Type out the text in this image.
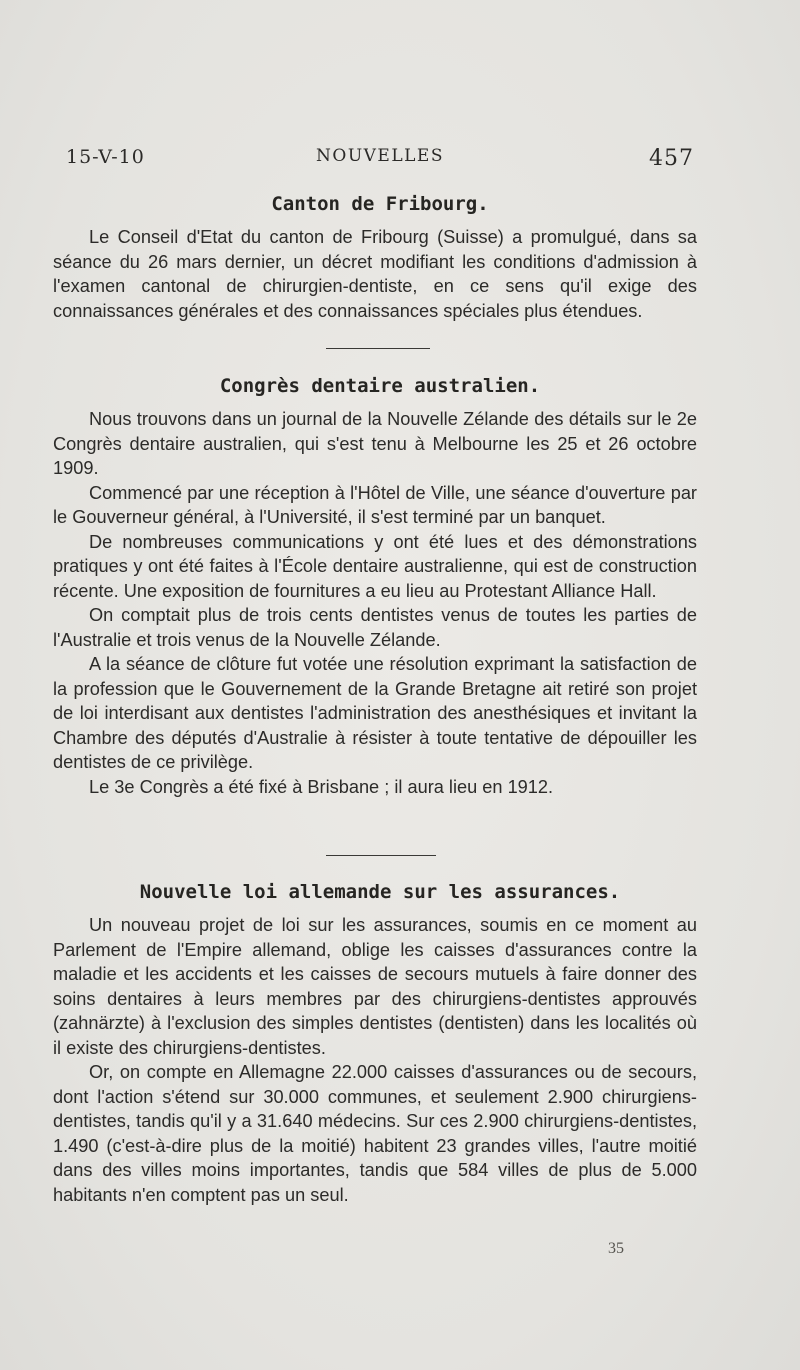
15-V-10	NOUVELLES	457
Canton de Fribourg.

Le Conseil d'Etat du canton de Fribourg (Suisse) a promulgué, dans sa séance du 26 mars dernier, un décret modifiant les conditions d'admission à l'examen cantonal de chirurgien-dentiste, en ce sens qu'il exige des connaissances générales et des connaissances spéciales plus étendues.

Congrès dentaire australien.

Nous trouvons dans un journal de la Nouvelle Zélande des détails sur le 2e Congrès dentaire australien, qui s'est tenu à Melbourne les 25 et 26 octobre 1909.

Commencé par une réception à l'Hôtel de Ville, une séance d'ouverture par le Gouverneur général, à l'Université, il s'est terminé par un banquet.

De nombreuses communications y ont été lues et des démonstrations pratiques y ont été faites à l'École dentaire australienne, qui est de construction récente. Une exposition de fournitures a eu lieu au Protestant Alliance Hall.

On comptait plus de trois cents dentistes venus de toutes les parties de l'Australie et trois venus de la Nouvelle Zélande.

A la séance de clôture fut votée une résolution exprimant la satisfaction de la profession que le Gouvernement de la Grande Bretagne ait retiré son projet de loi interdisant aux dentistes l'administration des anesthésiques et invitant la Chambre des députés d'Australie à résister à toute tentative de dépouiller les dentistes de ce privilège.

Le 3e Congrès a été fixé à Brisbane ; il aura lieu en 1912.

Nouvelle loi allemande sur les assurances.

Un nouveau projet de loi sur les assurances, soumis en ce moment au Parlement de l'Empire allemand, oblige les caisses d'assurances contre la maladie et les accidents et les caisses de secours mutuels à faire donner des soins dentaires à leurs membres par des chirurgiens-dentistes approuvés (zahnärzte) à l'exclusion des simples dentistes (dentisten) dans les localités où il existe des chirurgiens-dentistes.

Or, on compte en Allemagne 22.000 caisses d'assurances ou de secours, dont l'action s'étend sur 30.000 communes, et seulement 2.900 chirurgiens-dentistes, tandis qu'il y a 31.640 médecins. Sur ces 2.900 chirurgiens-dentistes, 1.490 (c'est-à-dire plus de la moitié) habitent 23 grandes villes, l'autre moitié dans des villes moins importantes, tandis que 584 villes de plus de 5.000 habitants n'en comptent pas un seul.

35
